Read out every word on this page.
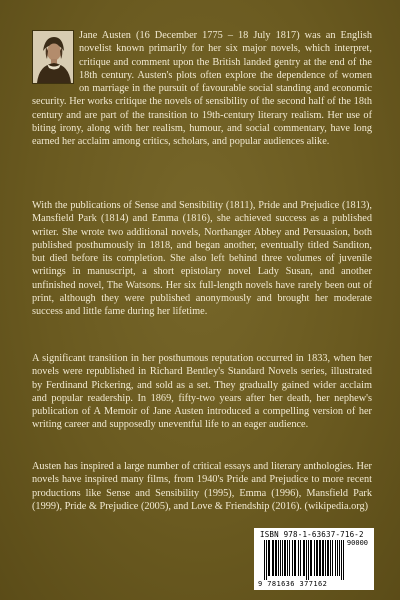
Jane Austen (16 December 1775 – 18 July 1817) was an English novelist known primarily for her six major novels, which interpret, critique and comment upon the British landed gentry at the end of the 18th century. Austen's plots often explore the dependence of women on marriage in the pursuit of favourable social standing and economic security. Her works critique the novels of sensibility of the second half of the 18th century and are part of the transition to 19th-century literary realism. Her use of biting irony, along with her realism, humour, and social commentary, have long earned her acclaim among critics, scholars, and popular audiences alike.

With the publications of Sense and Sensibility (1811), Pride and Prejudice (1813), Mansfield Park (1814) and Emma (1816), she achieved success as a published writer. She wrote two additional novels, Northanger Abbey and Persuasion, both published posthumously in 1818, and began another, eventually titled Sanditon, but died before its completion. She also left behind three volumes of juvenile writings in manuscript, a short epistolary novel Lady Susan, and another unfinished novel, The Watsons. Her six full-length novels have rarely been out of print, although they were published anonymously and brought her moderate success and little fame during her lifetime.

A significant transition in her posthumous reputation occurred in 1833, when her novels were republished in Richard Bentley's Standard Novels series, illustrated by Ferdinand Pickering, and sold as a set. They gradually gained wider acclaim and popular readership. In 1869, fifty-two years after her death, her nephew's publication of A Memoir of Jane Austen introduced a compelling version of her writing career and supposedly uneventful life to an eager audience.

Austen has inspired a large number of critical essays and literary anthologies. Her novels have inspired many films, from 1940's Pride and Prejudice to more recent productions like Sense and Sensibility (1995), Emma (1996), Mansfield Park (1999), Pride & Prejudice (2005), and Love & Friendship (2016). (wikipedia.org)

ISBN 978-1-63637-716-2
90000
9 781636 377162
